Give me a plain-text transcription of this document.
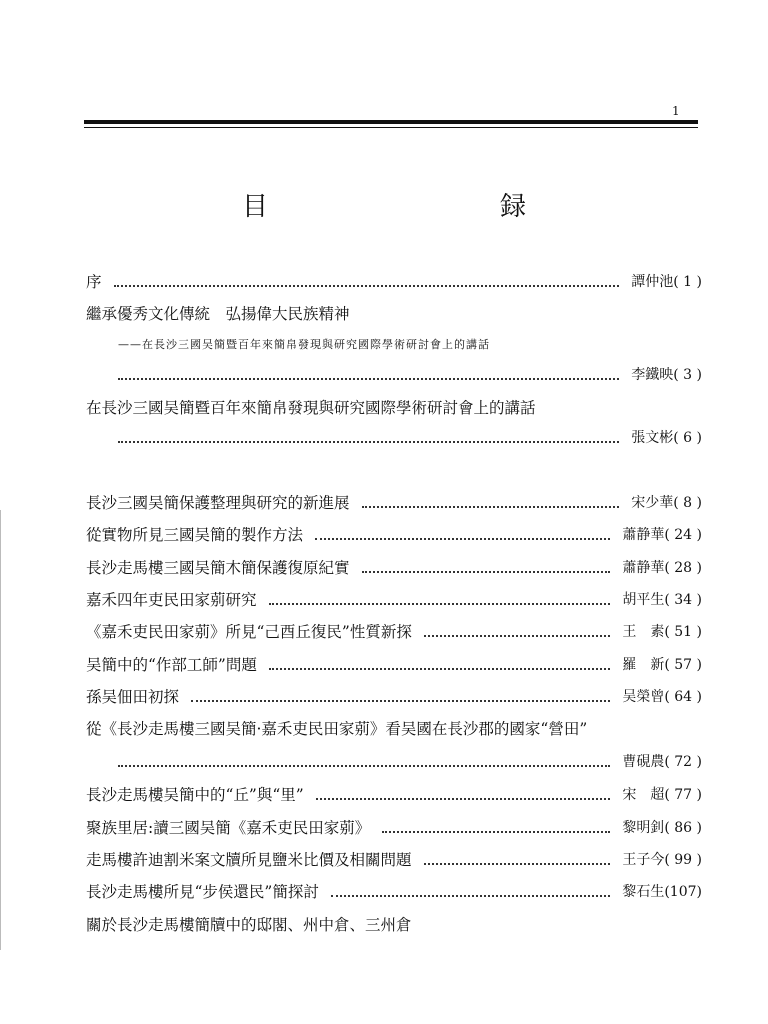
1
目　　録
序	譚仲池( 1 )
繼承優秀文化傳統　弘揚偉大民族精神
——在長沙三國吴簡暨百年來簡帛發現與研究國際學術研討會上的講話
李鐵映( 3 )
在長沙三國吴簡暨百年來簡帛發現與研究國際學術研討會上的講話
張文彬( 6 )
長沙三國吴簡保護整理與研究的新進展	宋少華( 8 )
從實物所見三國吴簡的製作方法	蕭静華( 24 )
長沙走馬樓三國吴簡木簡保護復原紀實	蕭静華( 28 )
嘉禾四年吏民田家莂研究	胡平生( 34 )
《嘉禾吏民田家莂》所見“己酉丘復民”性質新探	王　素( 51 )
吴簡中的“作部工師”問題	羅　新( 57 )
孫吴佃田初探	吴榮曾( 64 )
從《長沙走馬樓三國吴簡·嘉禾吏民田家莂》看吴國在長沙郡的國家“營田”
曹硯農( 72 )
長沙走馬樓吴簡中的“丘”與“里”	宋　超( 77 )
聚族里居:讀三國吴簡《嘉禾吏民田家莂》	黎明釗( 86 )
走馬樓許迪割米案文牘所見鹽米比價及相關問題	王子今( 99 )
長沙走馬樓所見“步侯還民”簡探討	黎石生(107)
關於長沙走馬樓簡牘中的邸閣、州中倉、三州倉
